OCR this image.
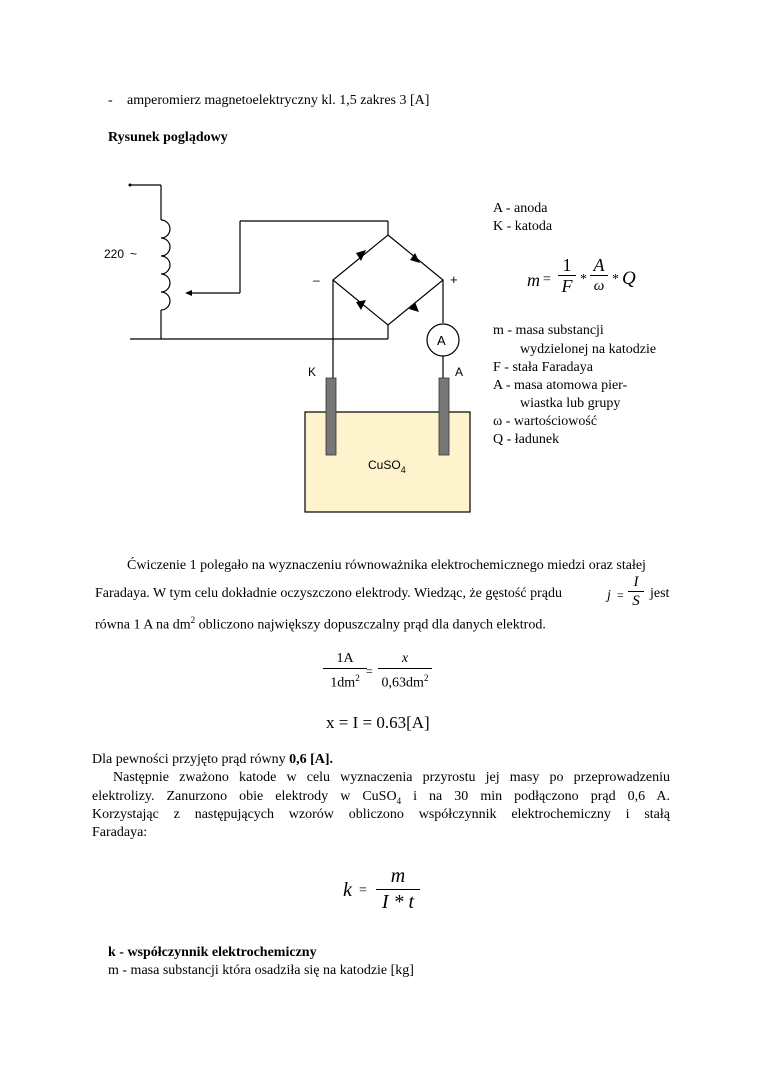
- amperomierz magnetoelektryczny kl. 1,5 zakres 3 [A]
Rysunek poglądowy
220 ~
–	+
A
K	A
CuSO$_4$
A - anoda
K - katoda
m =
1
F *
A
ω * Q
m - masa substancji
wydzielonej na katodzie
F - stała Faradaya
A - masa atomowa pier-
wiastka lub grupy
ω - wartościowość
Q - ładunek
Ćwiczenie 1 polegało na wyznaczeniu równoważnika elektrochemicznego miedzi oraz stałej
Faradaya. W tym celu dokładnie oczyszczono elektrody. Wiedząc, że gęstość prądu	j =
I
S jest
równa 1 A na $dm^2$ obliczono największy dopuszczalny prąd dla danych elektrod.
1A
$1dm^2$ =
x
$0,63dm^2$
x = I = 0.63[A]
Dla pewności przyjęto prąd równy 0,6 [A].
Następnie zważono katode w celu wyznaczenia przyrostu jej masy po przeprowadzeniu
elektrolizy. Zanurzono obie elektrody w CuSO$_4$ i na 30 min podłączono prąd 0,6 A.
Korzystając z następujących wzorów obliczono współczynnik elektrochemiczny i stałą
Faradaya:
k =
m
I * t
k - współczynnik elektrochemiczny
m - masa substancji która osadziła się na katodzie [kg]
